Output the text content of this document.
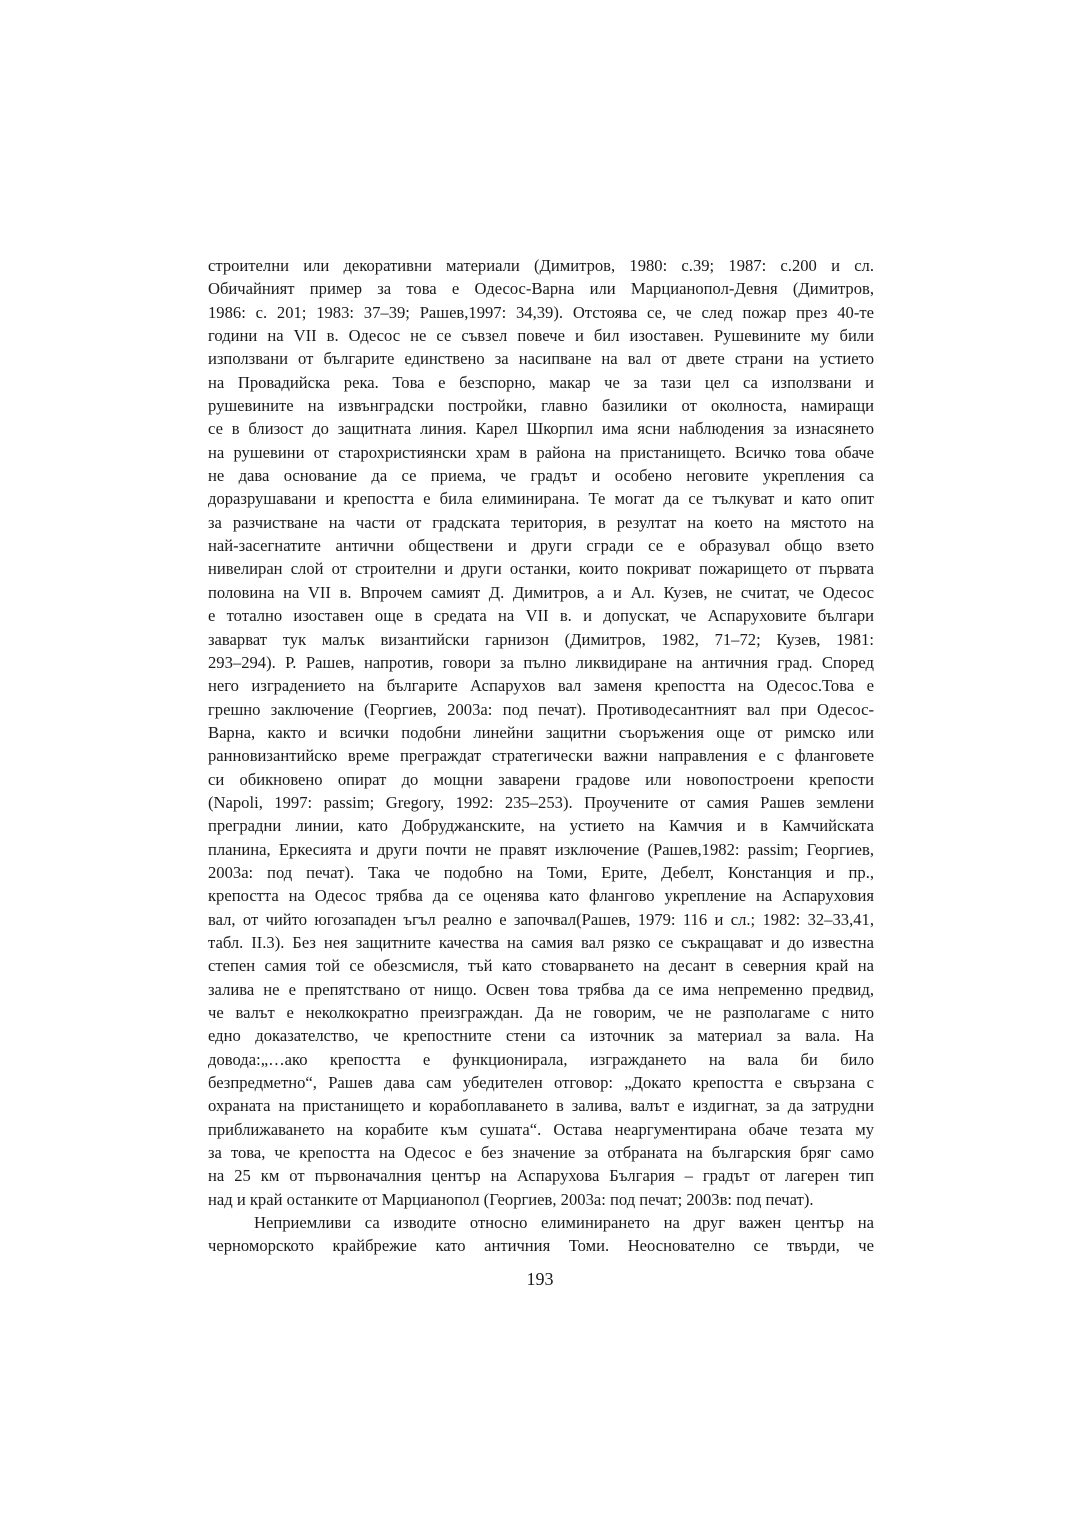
строителни или декоративни материали (Димитров, 1980: с.39; 1987: с.200 и сл.
Обичайният пример за това е Одесос-Варна или Марцианопол-Девня (Димитров,
1986: с. 201; 1983: 37–39; Рашев,1997: 34,39). Отстоява се, че след пожар през 40-те
години на VII в. Одесос не се съвзел повече и бил изоставен. Рушевините му били
използвани от българите единствено за насипване на вал от двете страни на устието
на Провадийска река. Това е безспорно, макар че за тази цел са използвани и
рушевините на извънградски постройки, главно базилики от околноста, намиращи
се в близост до защитната линия. Карел Шкорпил има ясни наблюдения за изнасянето
на рушевини от старохристиянски храм в района на пристанището. Всичко това обаче
не дава основание да се приема, че градът и особено неговите укрепления са
доразрушавани и крепостта е била елиминирана. Те могат да се тълкуват и като опит
за разчистване на части от градската територия, в резултат на което на мястото на
най-засегнатите антични обществени и други сгради се е образувал общо взето
нивелиран слой от строителни и други останки, които покриват пожарището от първата
половина на VII в. Впрочем самият Д. Димитров, а и Ал. Кузев, не считат, че Одесос
е тотално изоставен още в средата на VII в. и допускат, че Аспаруховите българи
заварват тук малък византийски гарнизон (Димитров, 1982, 71–72; Кузев, 1981:
293–294). Р. Рашев, напротив, говори за пълно ликвидиране на античния град. Според
него изградението на българите Аспарухов вал заменя крепостта на Одесос.Това е
грешно заключение (Георгиев, 2003а: под печат). Противодесантният вал при Одесос-
Варна, както и всички подобни линейни защитни съоръжения още от римско или
ранновизантийско време преграждат стратегически важни направления е с фланговете
си обикновено опират до мощни заварени градове или новопостроени крепости
(Napoli, 1997: passim; Gregory, 1992: 235–253). Проучените от самия Рашев землени
преградни линии, като Добруджанските, на устието на Камчия и в Камчийската
планина, Еркесията и други почти не правят изключение (Рашев,1982: passim; Георгиев,
2003а: под печат). Така че подобно на Томи, Ерите, Дебелт, Констанция и пр.,
крепостта на Одесос трябва да се оценява като флангово укрепление на Аспаруховия
вал, от чийто югозападен ъгъл реално е започвал(Рашев, 1979: 116 и сл.; 1982: 32–33,41,
табл. II.3). Без нея защитните качества на самия вал рязко се съкращават и до известна
степен самия той се обезсмисля, тъй като стоварването на десант в северния край на
залива не е препятствано от нищо. Освен това трябва да се има непременно предвид,
че валът е неколкократно преизграждан. Да не говорим, че не разполагаме с нито
едно доказателство, че крепостните стени са източник за материал за вала. На
довода:„…ако крепостта е функционирала, изграждането на вала би било
безпредметно“, Рашев дава сам убедителен отговор: „Докато крепостта е свързана с
охраната на пристанището и корабоплаването в залива, валът е издигнат, за да затрудни
приближаването на корабите към сушата“. Остава неаргументирана обаче тезата му
за това, че крепостта на Одесос е без значение за отбраната на българския бряг само
на 25 км от първоначалния център на Аспарухова България – градът от лагерен тип
над и край останките от Марцианопол (Георгиев, 2003а: под печат; 2003в: под печат).
Неприемливи са изводите относно елиминирането на друг важен център на
черноморското крайбрежие като античния Томи. Неоснователно се твърди, че
193
